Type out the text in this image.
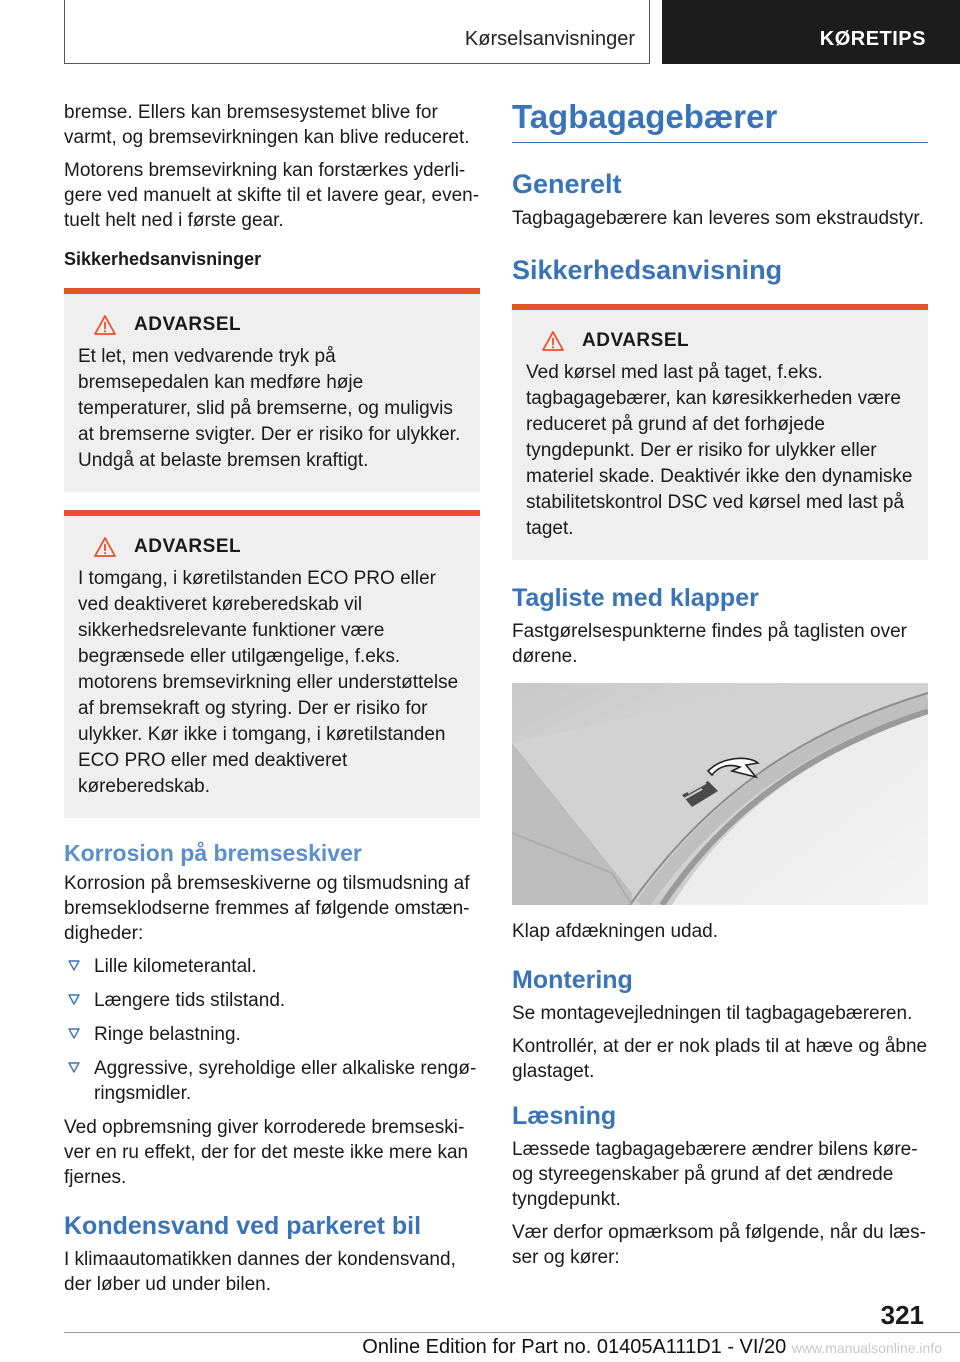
Kørselsanvisninger	KØRETIPS

bremse. Ellers kan bremsesystemet blive for varmt, og bremsevirkningen kan blive reduceret.

Motorens bremsevirkning kan forstærkes yderligere ved manuelt at skifte til et lavere gear, eventuelt helt ned i første gear.

Sikkerhedsanvisninger
ADVARSEL

Et let, men vedvarende tryk på bremsepedalen kan medføre høje temperaturer, slid på bremserne, og muligvis at bremserne svigter. Der er risiko for ulykker. Undgå at belaste bremsen kraftigt.

ADVARSEL

I tomgang, i køretilstanden ECO PRO eller ved deaktiveret køreberedskab vil sikkerhedsrelevante funktioner være begrænsede eller utilgængelige, f.eks. motorens bremsevirkning eller understøttelse af bremsekraft og styring. Der er risiko for ulykker. Kør ikke i tomgang, i køretilstanden ECO PRO eller med deaktiveret køreberedskab.

Korrosion på bremseskiver

Korrosion på bremseskiverne og tilsmudsning af bremseklodserne fremmes af følgende omstændigheder:

Lille kilometerantal.
Længere tids stilstand.
Ringe belastning.
Aggressive, syreholdige eller alkaliske rengøringsmidler.

Ved opbremsning giver korroderede bremseskiver en ru effekt, der for det meste ikke mere kan fjernes.

Kondensvand ved parkeret bil

I klimaautomatikken dannes der kondensvand, der løber ud under bilen.

Tagbagagebærer
Generelt

Tagbagagebærere kan leveres som ekstraudstyr.

Sikkerhedsanvisning
ADVARSEL

Ved kørsel med last på taget, f.eks. tagbagagebærer, kan køresikkerheden være reduceret på grund af det forhøjede tyngdepunkt. Der er risiko for ulykker eller materiel skade. Deaktivér ikke den dynamiske stabilitetskontrol DSC ved kørsel med last på taget.

Tagliste med klapper

Fastgørelsespunkterne findes på taglisten over dørene.

Klap afdækningen udad.

Montering

Se montagevejledningen til tagbagagebæreren.

Kontrollér, at der er nok plads til at hæve og åbne glastaget.

Læsning

Læssede tagbagagebærere ændrer bilens køreog styreegenskaber på grund af det ændrede tyngdepunkt.

Vær derfor opmærksom på følgende, når du læsser og kører:

321
Online Edition for Part no. 01405A111D1 - VI/20 www.manualsonline.info
